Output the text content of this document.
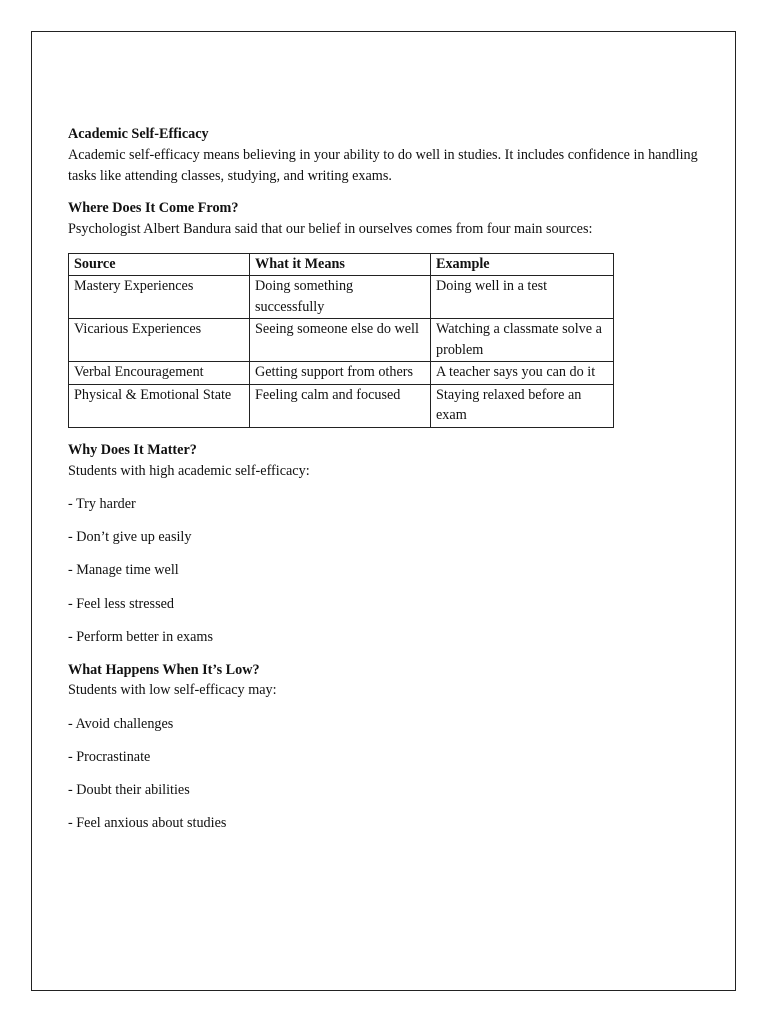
Academic Self-Efficacy

Academic self-efficacy means believing in your ability to do well in studies. It includes confidence in handling tasks like attending classes, studying, and writing exams.

Where Does It Come From?

Psychologist Albert Bandura said that our belief in ourselves comes from four main sources:

Source	What it Means	Example
Mastery Experiences	Doing something successfully	Doing well in a test
Vicarious Experiences	Seeing someone else do well	Watching a classmate solve a problem
Verbal Encouragement	Getting support from others	A teacher says you can do it
Physical & Emotional State	Feeling calm and focused	Staying relaxed before an exam

Why Does It Matter?

Students with high academic self-efficacy:

- Try harder

- Don’t give up easily

- Manage time well

- Feel less stressed

- Perform better in exams

What Happens When It’s Low?

Students with low self-efficacy may:

- Avoid challenges

- Procrastinate

- Doubt their abilities

- Feel anxious about studies
